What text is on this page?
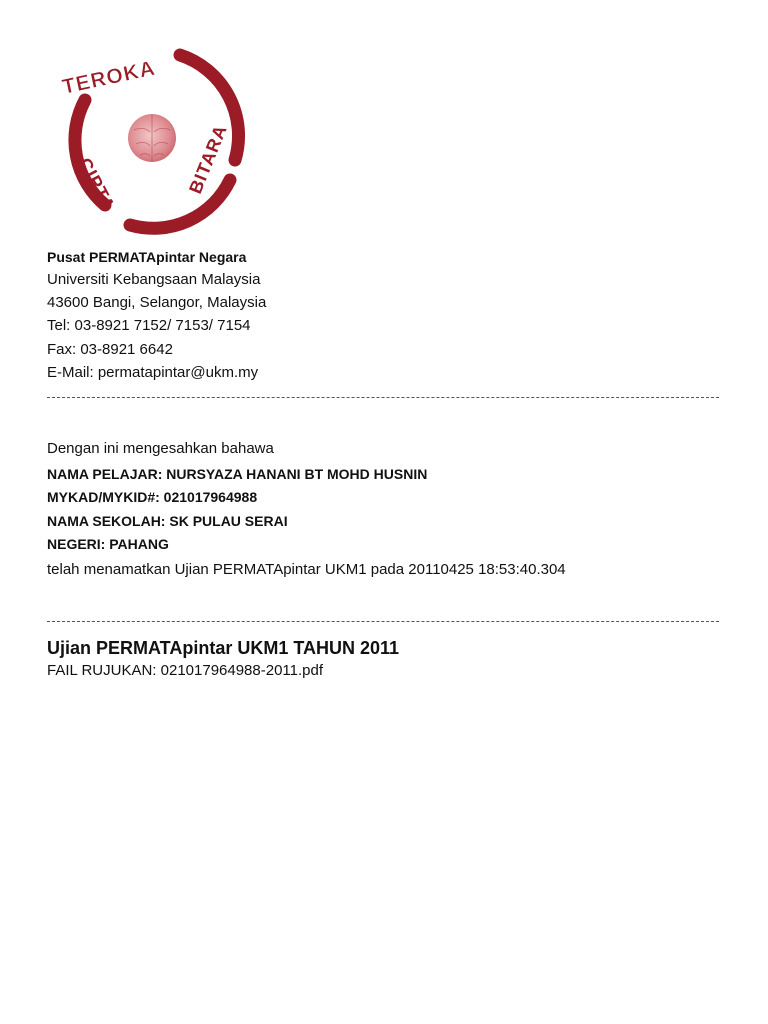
TEROKA
CIPTA	BITARA
Pusat PERMATApintar Negara
Universiti Kebangsaan Malaysia
43600 Bangi, Selangor, Malaysia
Tel: 03-8921 7152/ 7153/ 7154
Fax: 03-8921 6642
E-Mail: permatapintar@ukm.my
Dengan ini mengesahkan bahawa
NAMA PELAJAR: NURSYAZA HANANI BT MOHD HUSNIN
MYKAD/MYKID#: 021017964988
NAMA SEKOLAH: SK PULAU SERAI
NEGERI: PAHANG
telah menamatkan Ujian PERMATApintar UKM1 pada 20110425 18:53:40.304
Ujian PERMATApintar UKM1 TAHUN 2011
FAIL RUJUKAN: 021017964988-2011.pdf
